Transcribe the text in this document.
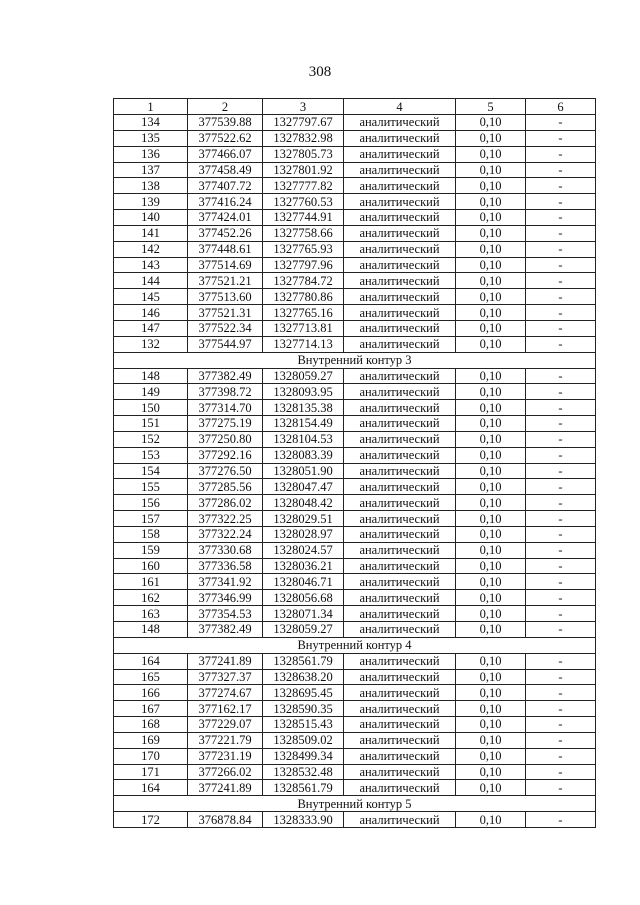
308
1	2	3	4	5	6
134	377539.88	1327797.67	аналитический	0,10	-
135	377522.62	1327832.98	аналитический	0,10	-
136	377466.07	1327805.73	аналитический	0,10	-
137	377458.49	1327801.92	аналитический	0,10	-
138	377407.72	1327777.82	аналитический	0,10	-
139	377416.24	1327760.53	аналитический	0,10	-
140	377424.01	1327744.91	аналитический	0,10	-
141	377452.26	1327758.66	аналитический	0,10	-
142	377448.61	1327765.93	аналитический	0,10	-
143	377514.69	1327797.96	аналитический	0,10	-
144	377521.21	1327784.72	аналитический	0,10	-
145	377513.60	1327780.86	аналитический	0,10	-
146	377521.31	1327765.16	аналитический	0,10	-
147	377522.34	1327713.81	аналитический	0,10	-
132	377544.97	1327714.13	аналитический	0,10	-
Внутренний контур 3					
148	377382.49	1328059.27	аналитический	0,10	-
149	377398.72	1328093.95	аналитический	0,10	-
150	377314.70	1328135.38	аналитический	0,10	-
151	377275.19	1328154.49	аналитический	0,10	-
152	377250.80	1328104.53	аналитический	0,10	-
153	377292.16	1328083.39	аналитический	0,10	-
154	377276.50	1328051.90	аналитический	0,10	-
155	377285.56	1328047.47	аналитический	0,10	-
156	377286.02	1328048.42	аналитический	0,10	-
157	377322.25	1328029.51	аналитический	0,10	-
158	377322.24	1328028.97	аналитический	0,10	-
159	377330.68	1328024.57	аналитический	0,10	-
160	377336.58	1328036.21	аналитический	0,10	-
161	377341.92	1328046.71	аналитический	0,10	-
162	377346.99	1328056.68	аналитический	0,10	-
163	377354.53	1328071.34	аналитический	0,10	-
148	377382.49	1328059.27	аналитический	0,10	-
Внутренний контур 4					
164	377241.89	1328561.79	аналитический	0,10	-
165	377327.37	1328638.20	аналитический	0,10	-
166	377274.67	1328695.45	аналитический	0,10	-
167	377162.17	1328590.35	аналитический	0,10	-
168	377229.07	1328515.43	аналитический	0,10	-
169	377221.79	1328509.02	аналитический	0,10	-
170	377231.19	1328499.34	аналитический	0,10	-
171	377266.02	1328532.48	аналитический	0,10	-
164	377241.89	1328561.79	аналитический	0,10	-
Внутренний контур 5					
172	376878.84	1328333.90	аналитический	0,10	-
